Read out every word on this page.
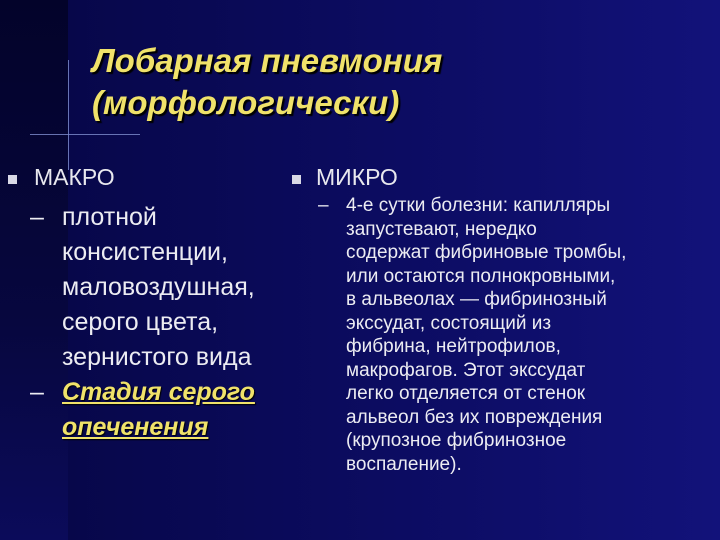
Лобарная пневмония
(морфологически)
МАКРО
– плотной
консистенции,
маловоздушная,
серого цвета,
зернистого вида
– Стадия серого
опеченения
МИКРО
– 4-е сутки болезни: капилляры
запустевают, нередко
содержат фибриновые тромбы,
или остаются полнокровными,
в альвеолах — фибринозный
экссудат, состоящий из
фибрина, нейтрофилов,
макрофагов. Этот экссудат
легко отделяется от стенок
альвеол без их повреждения
(крупозное фибринозное
воспаление).
